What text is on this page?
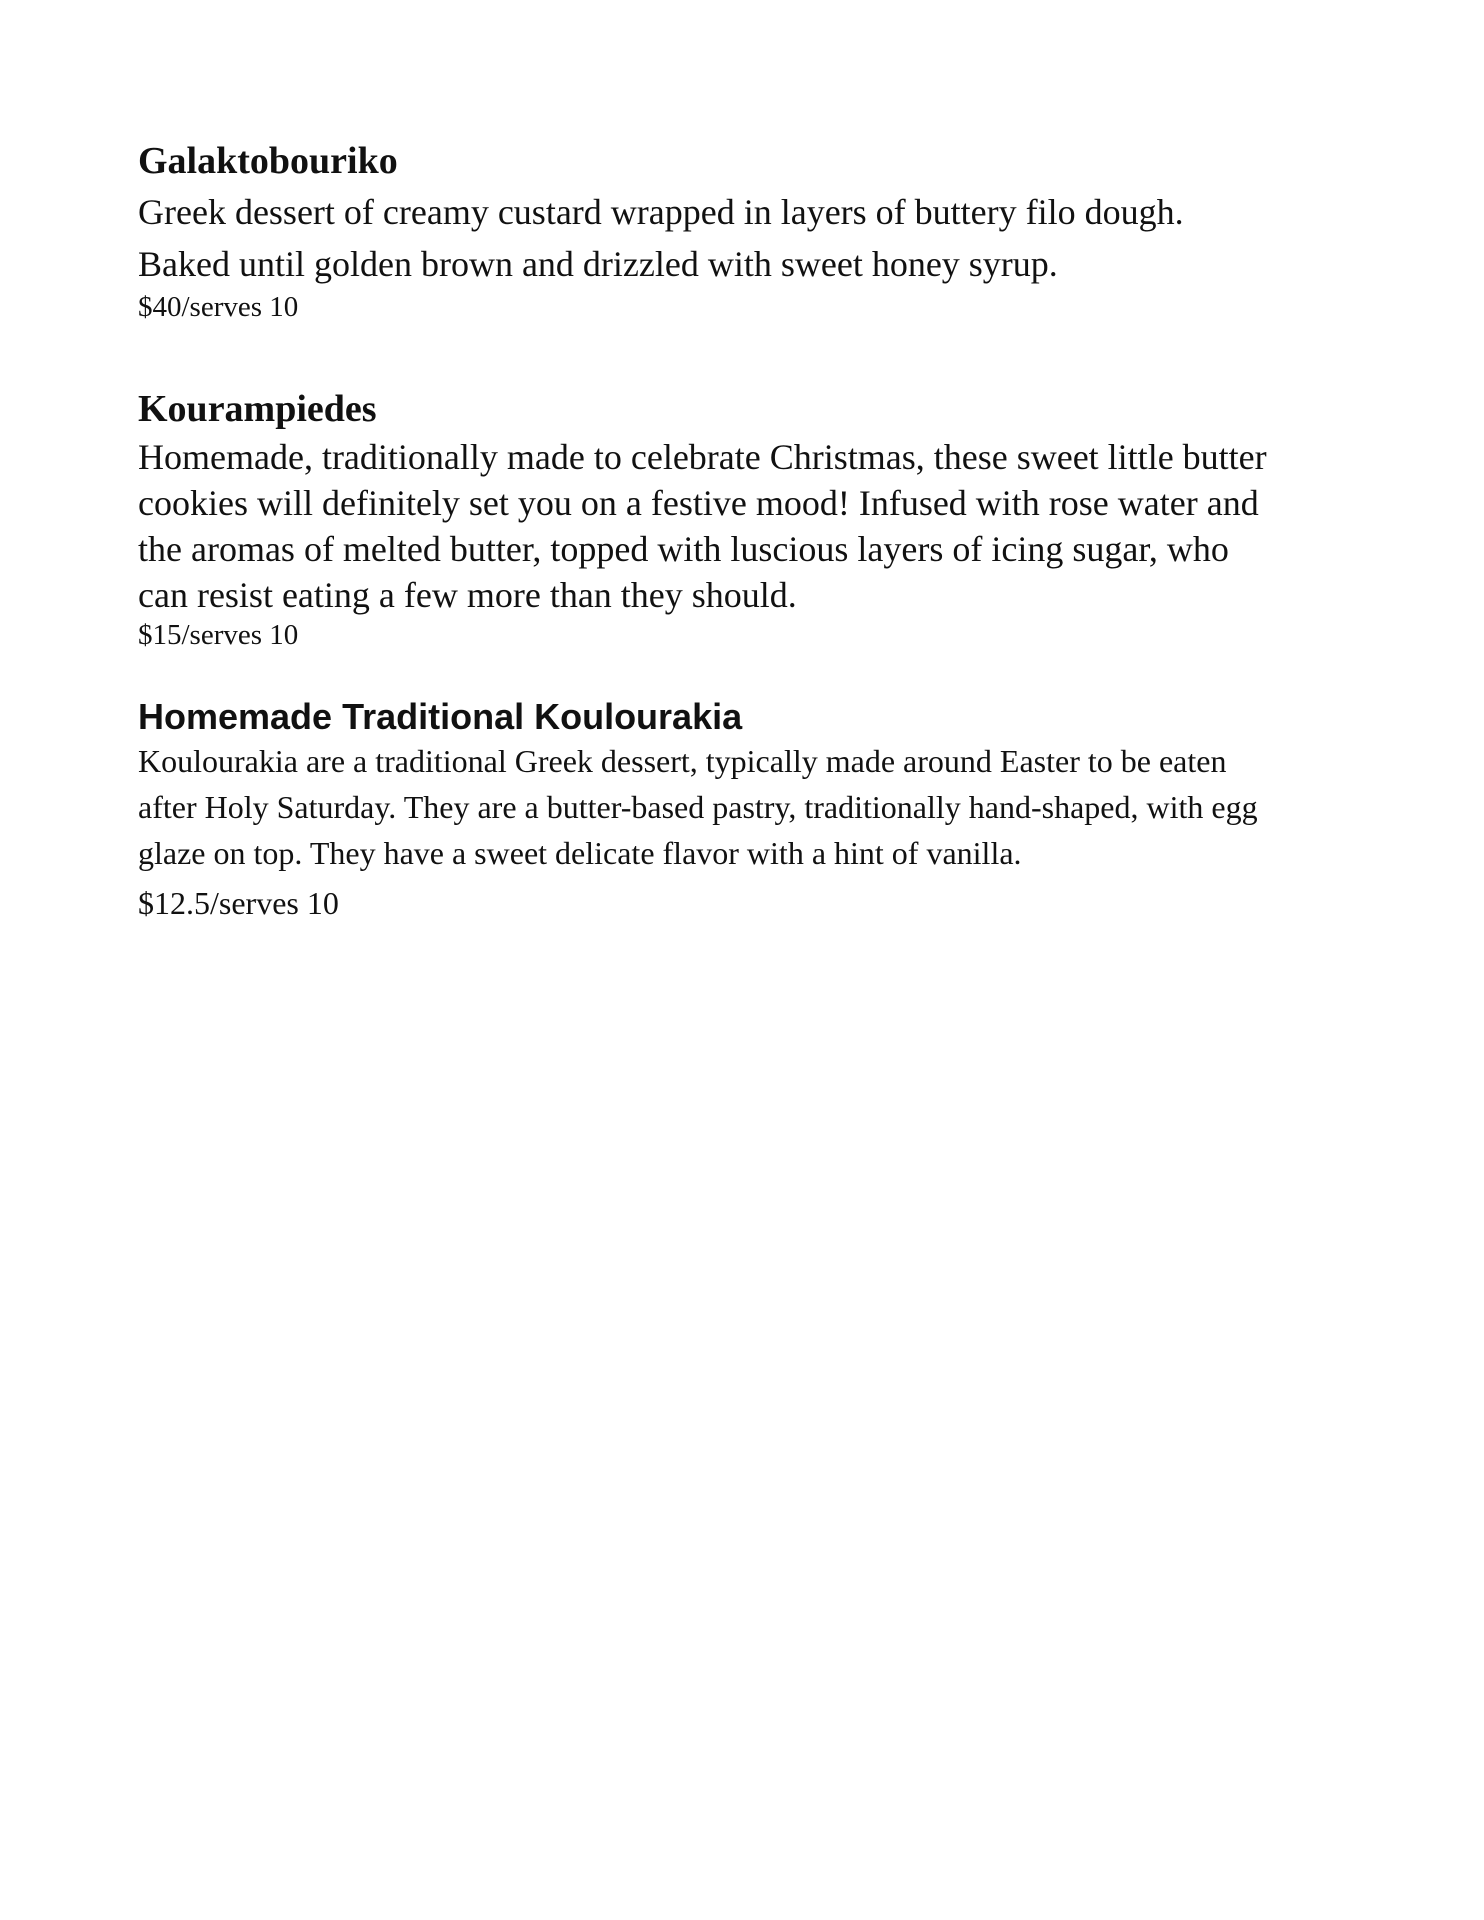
Galaktobouriko

Greek dessert of creamy custard wrapped in layers of buttery filo dough.
Baked until golden brown and drizzled with sweet honey syrup.

$40/serves 10

Kourampiedes

Homemade, traditionally made to celebrate Christmas, these sweet little butter
cookies will definitely set you on a festive mood! Infused with rose water and
the aromas of melted butter, topped with luscious layers of icing sugar, who
can resist eating a few more than they should.

$15/serves 10

Homemade Traditional Koulourakia

Koulourakia are a traditional Greek dessert, typically made around Easter to be eaten
after Holy Saturday. They are a butter-based pastry, traditionally hand-shaped, with egg
glaze on top. They have a sweet delicate flavor with a hint of vanilla.

$12.5/serves 10
